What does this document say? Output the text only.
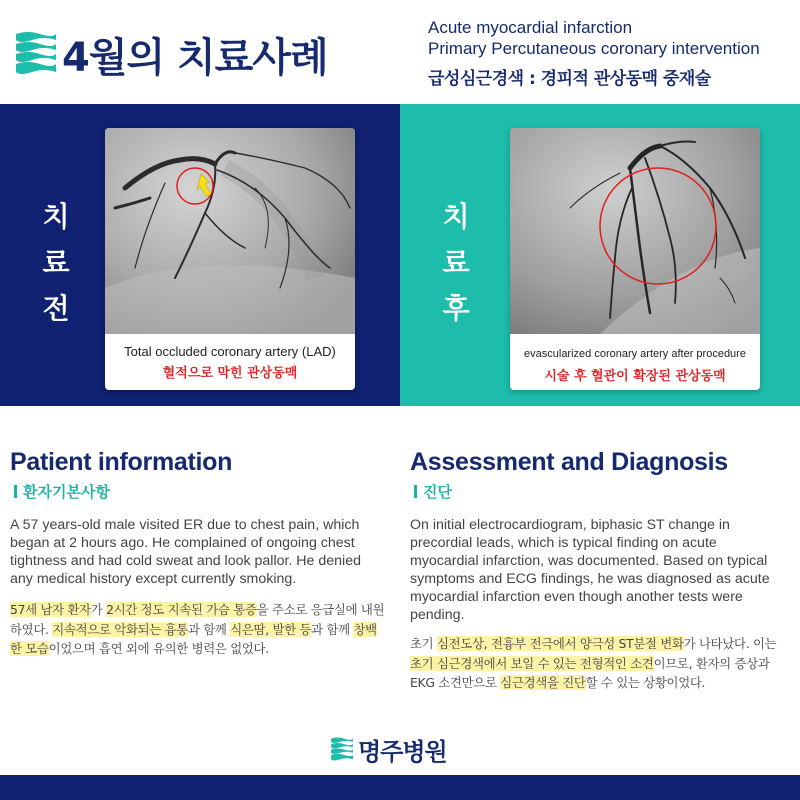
4월의 치료사례
Acute myocardial infarction
Primary Percutaneous coronary intervention
급성심근경색 : 경피적 관상동맥 중재술
치
료
전
Total occluded coronary artery (LAD)
혈적으로 막힌 관상동맥
치
료
후
evascularized coronary artery after procedure
시술 후 혈관이 확장된 관상동맥
Patient information
환자기본사항
A 57 years-old male visited ER due to chest pain, which began at 2 hours ago. He complained of ongoing chest tightness and had cold sweat and look pallor. He denied any medical history except currently smoking.
57세 남자 환자가 2시간 정도 지속된 가슴 통증을 주소로 응급실에 내원하였다. 지속적으로 악화되는 흉통과 함께 식은땀, 발한 등과 함께 창백한 모습이었으며 흡연 외에 유의한 병력은 없었다.
Assessment and Diagnosis
진단
On initial electrocardiogram, biphasic ST change in precordial leads, which is typical finding on acute myocardial infarction, was documented. Based on typical symptoms and ECG findings, he was diagnosed as acute myocardial infarction even though another tests were pending.
초기 심전도상, 전흉부 전극에서 양극성 ST분절 변화가 나타났다. 이는 초기 심근경색에서 보일 수 있는 전형적인 소견이므로, 환자의 증상과 EKG 소견만으로 심근경색을 진단할 수 있는 상황이었다.
명주병원
